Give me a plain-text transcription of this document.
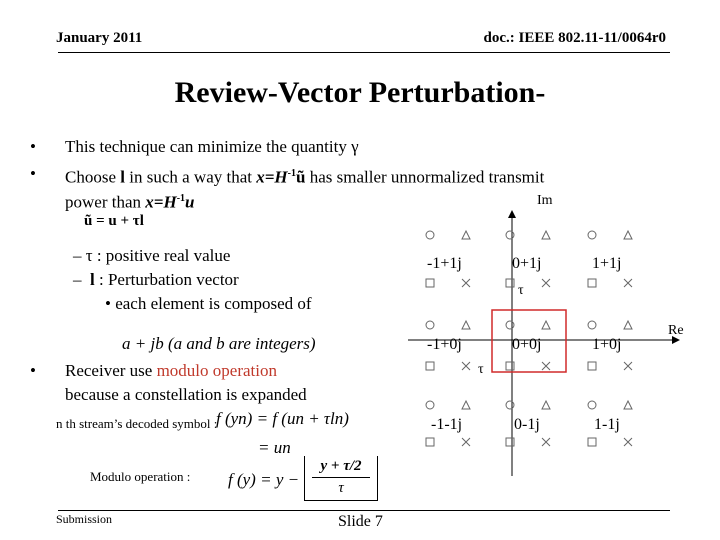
January 2011	doc.: IEEE 802.11-11/0064r0
Review-Vector Perturbation-
• This technique can minimize the quantity γ
• Choose l in such a way that $x=H^{-1}ũ$ has smaller unnormalized transmit
power than $x=H^{-1}u$
ũ = u + τl
– τ : positive real value
– l : Perturbation vector
• each element is composed of
a + jb (a and b are integers)
• Receiver use modulo operation
because a constellation is expanded
n th stream’s decoded symbol :
f (yn) = f (un + τln)
= un
Modulo operation : f (y) = y −
y + τ/2
τ
Im
Re
τ
τ
-1+1j	0+1j	1+1j
-1+0j	0+0j	1+0j
-1-1j	0-1j	1-1j
Submission	Slide 7
